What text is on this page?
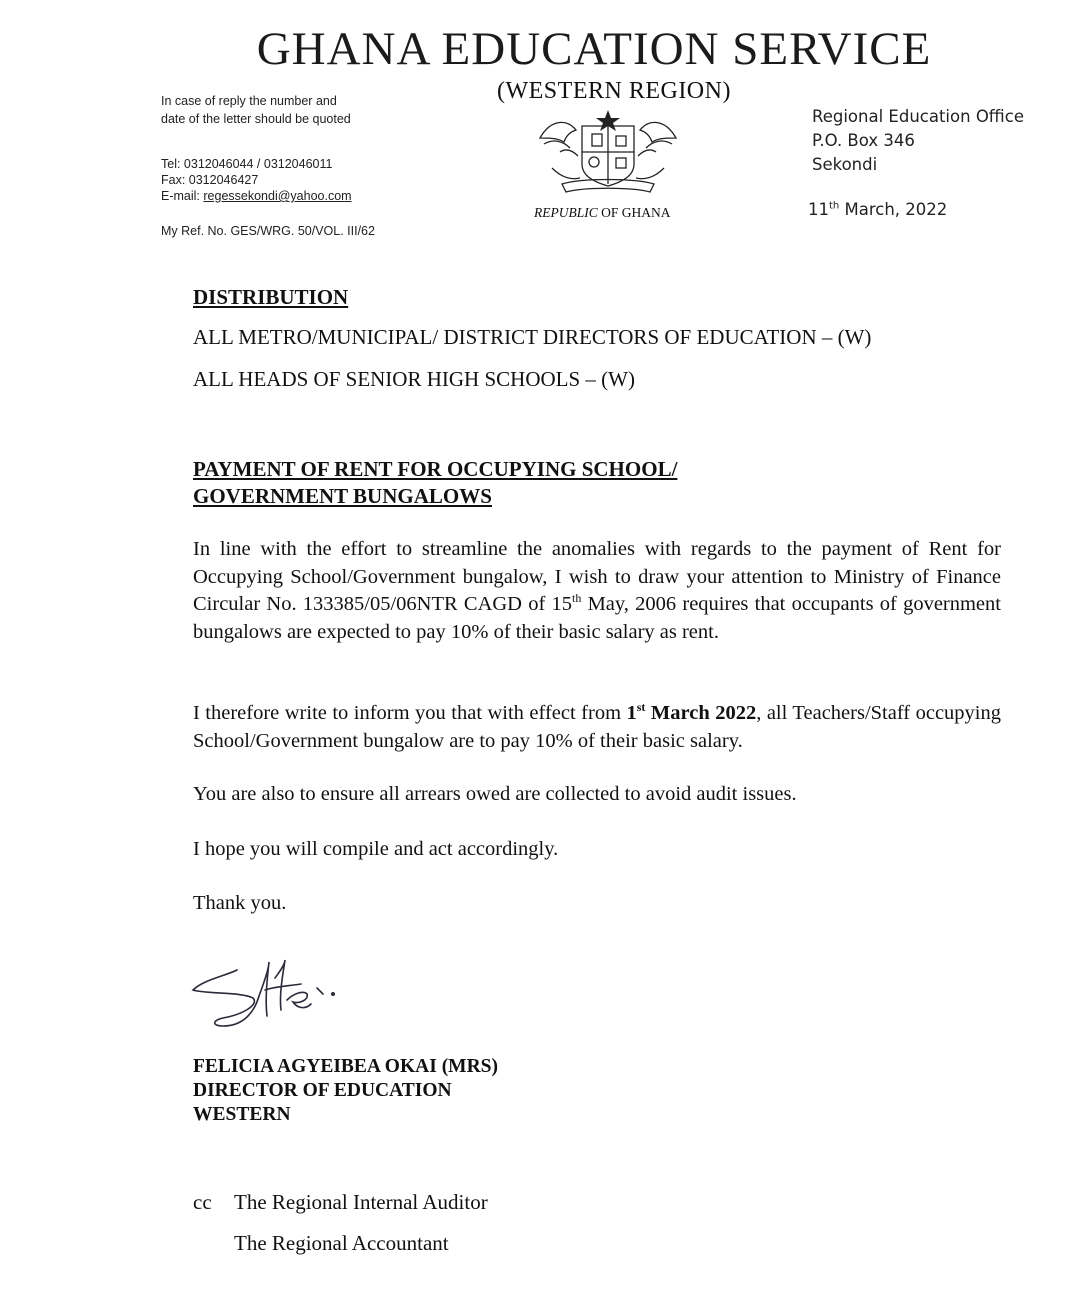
GHANA EDUCATION SERVICE
(WESTERN REGION)
In case of reply the number and date of the letter should be quoted
Tel: 0312046044 / 0312046011
Fax: 0312046427
E-mail: regessekondi@yahoo.com
My Ref. No. GES/WRG. 50/VOL. III/62
REPUBLIC OF GHANA
Regional Education Office
P.O. Box 346
Sekondi
11th March, 2022
DISTRIBUTION
ALL METRO/MUNICIPAL/ DISTRICT DIRECTORS OF EDUCATION – (W)
ALL HEADS OF SENIOR HIGH SCHOOLS – (W)
PAYMENT OF RENT FOR OCCUPYING SCHOOL/
GOVERNMENT BUNGALOWS
In line with the effort to streamline the anomalies with regards to the payment of Rent for Occupying School/Government bungalow, I wish to draw your attention to Ministry of Finance Circular No. 133385/05/06NTR CAGD of 15th May, 2006 requires that occupants of government bungalows are expected to pay 10% of their basic salary as rent.
I therefore write to inform you that with effect from 1st March 2022, all Teachers/Staff occupying School/Government bungalow are to pay 10% of their basic salary.
You are also to ensure all arrears owed are collected to avoid audit issues.
I hope you will compile and act accordingly.
Thank you.
FELICIA AGYEIBEA OKAI (MRS)
DIRECTOR OF EDUCATION
WESTERN
cc The Regional Internal Auditor
The Regional Accountant
